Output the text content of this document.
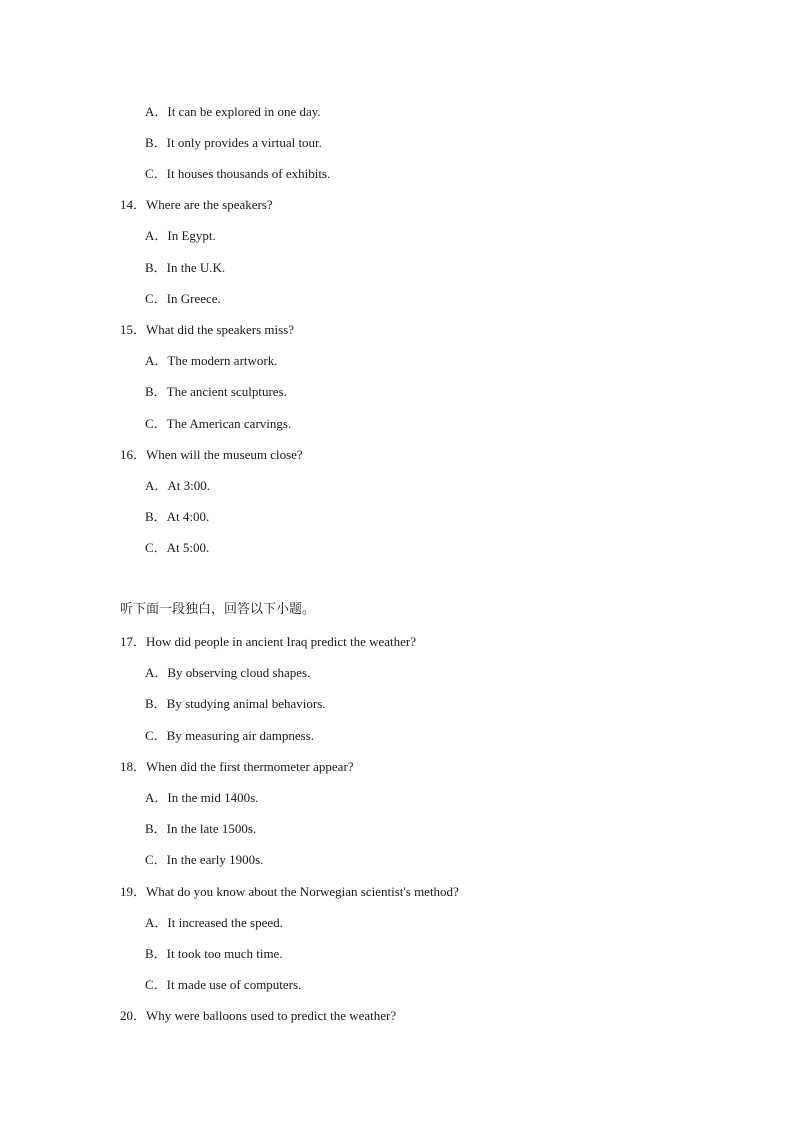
A．It can be explored in one day.
B．It only provides a virtual tour.
C．It houses thousands of exhibits.
14．Where are the speakers?
A．In Egypt.
B．In the U.K.
C．In Greece.
15．What did the speakers miss?
A．The modern artwork.
B．The ancient sculptures.
C．The American carvings.
16．When will the museum close?
A．At 3:00.
B．At 4:00.
C．At 5:00.
听下面一段独白，回答以下小题。
17．How did people in ancient Iraq predict the weather?
A．By observing cloud shapes.
B．By studying animal behaviors.
C．By measuring air dampness.
18．When did the first thermometer appear?
A．In the mid 1400s.
B．In the late 1500s.
C．In the early 1900s.
19．What do you know about the Norwegian scientist's method?
A．It increased the speed.
B．It took too much time.
C．It made use of computers.
20．Why were balloons used to predict the weather?
